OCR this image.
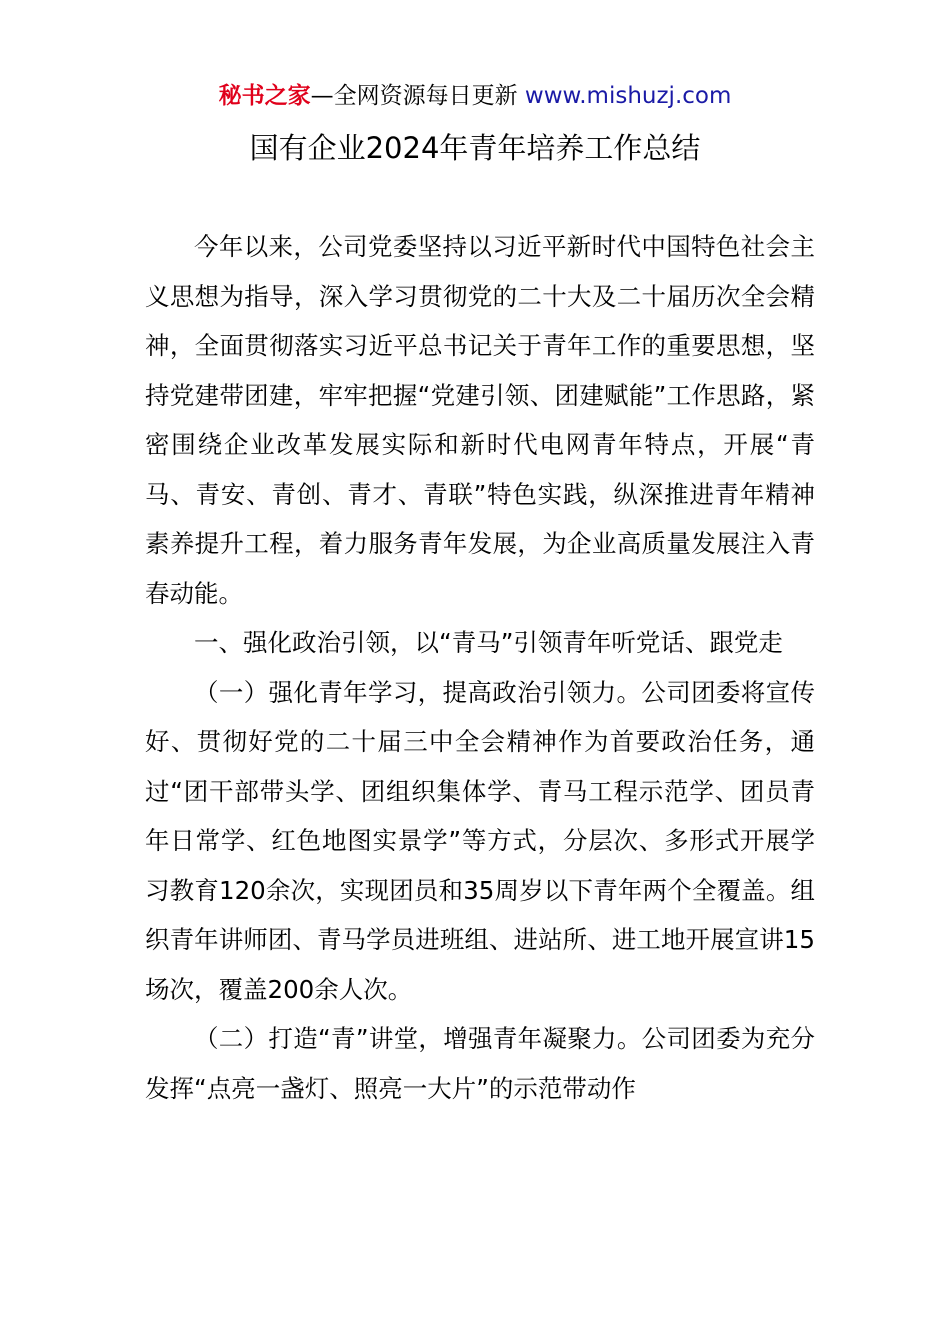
秘书之家—全网资源每日更新 www.mishuzj.com
国有企业2024年青年培养工作总结

今年以来，公司党委坚持以习近平新时代中国特色社会主义思想为指导，深入学习贯彻党的二十大及二十届历次全会精神，全面贯彻落实习近平总书记关于青年工作的重要思想，坚持党建带团建，牢牢把握“党建引领、团建赋能”工作思路，紧密围绕企业改革发展实际和新时代电网青年特点，开展“青马、青安、青创、青才、青联”特色实践，纵深推进青年精神素养提升工程，着力服务青年发展，为企业高质量发展注入青春动能。

一、强化政治引领，以“青马”引领青年听党话、跟党走

（一）强化青年学习，提高政治引领力。公司团委将宣传好、贯彻好党的二十届三中全会精神作为首要政治任务，通过“团干部带头学、团组织集体学、青马工程示范学、团员青年日常学、红色地图实景学”等方式，分层次、多形式开展学习教育120余次，实现团员和35周岁以下青年两个全覆盖。组织青年讲师团、青马学员进班组、进站所、进工地开展宣讲15场次，覆盖200余人次。

（二）打造“青”讲堂，增强青年凝聚力。公司团委为充分发挥“点亮一盏灯、照亮一大片”的示范带动作
